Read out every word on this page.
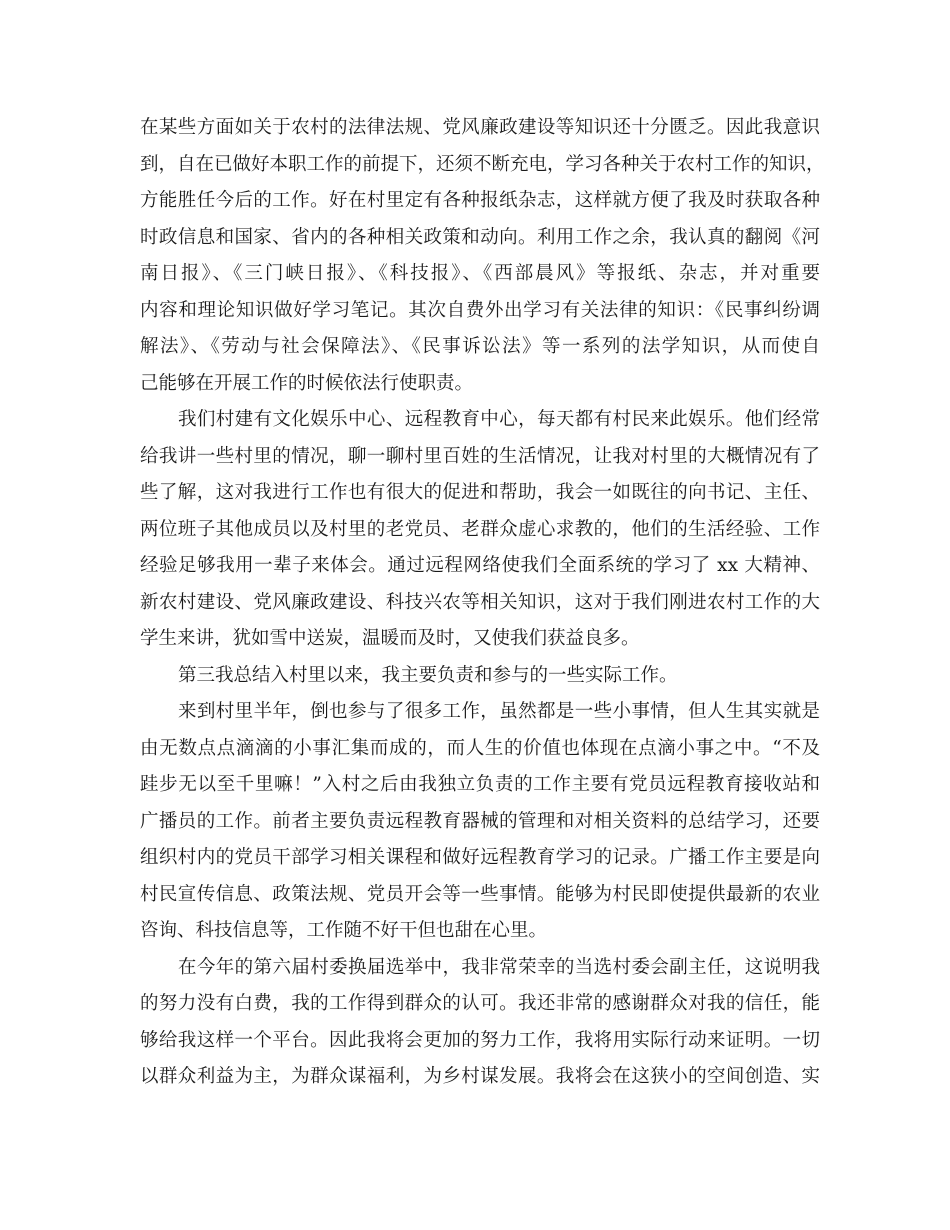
在某些方面如关于农村的法律法规、党风廉政建设等知识还十分匮乏。因此我意识
到，自在已做好本职工作的前提下，还须不断充电，学习各种关于农村工作的知识，
方能胜任今后的工作。好在村里定有各种报纸杂志，这样就方便了我及时获取各种
时政信息和国家、省内的各种相关政策和动向。利用工作之余，我认真的翻阅《河
南日报》、《三门峡日报》、《科技报》、《西部晨风》等报纸、杂志，并对重要
内容和理论知识做好学习笔记。其次自费外出学习有关法律的知识：《民事纠纷调
解法》、《劳动与社会保障法》、《民事诉讼法》等一系列的法学知识，从而使自
己能够在开展工作的时候依法行使职责。
我们村建有文化娱乐中心、远程教育中心，每天都有村民来此娱乐。他们经常
给我讲一些村里的情况，聊一聊村里百姓的生活情况，让我对村里的大概情况有了
些了解，这对我进行工作也有很大的促进和帮助，我会一如既往的向书记、主任、
两位班子其他成员以及村里的老党员、老群众虚心求教的，他们的生活经验、工作
经验足够我用一辈子来体会。通过远程网络使我们全面系统的学习了 xx 大精神、
新农村建设、党风廉政建设、科技兴农等相关知识，这对于我们刚进农村工作的大
学生来讲，犹如雪中送炭，温暖而及时，又使我们获益良多。
第三我总结入村里以来，我主要负责和参与的一些实际工作。
来到村里半年，倒也参与了很多工作，虽然都是一些小事情，但人生其实就是
由无数点点滴滴的小事汇集而成的，而人生的价值也体现在点滴小事之中。“不及
跬步无以至千里嘛！”入村之后由我独立负责的工作主要有党员远程教育接收站和
广播员的工作。前者主要负责远程教育器械的管理和对相关资料的总结学习，还要
组织村内的党员干部学习相关课程和做好远程教育学习的记录。广播工作主要是向
村民宣传信息、政策法规、党员开会等一些事情。能够为村民即使提供最新的农业
咨询、科技信息等，工作随不好干但也甜在心里。
在今年的第六届村委换届选举中，我非常荣幸的当选村委会副主任，这说明我
的努力没有白费，我的工作得到群众的认可。我还非常的感谢群众对我的信任，能
够给我这样一个平台。因此我将会更加的努力工作，我将用实际行动来证明。一切
以群众利益为主，为群众谋福利，为乡村谋发展。我将会在这狭小的空间创造、实
